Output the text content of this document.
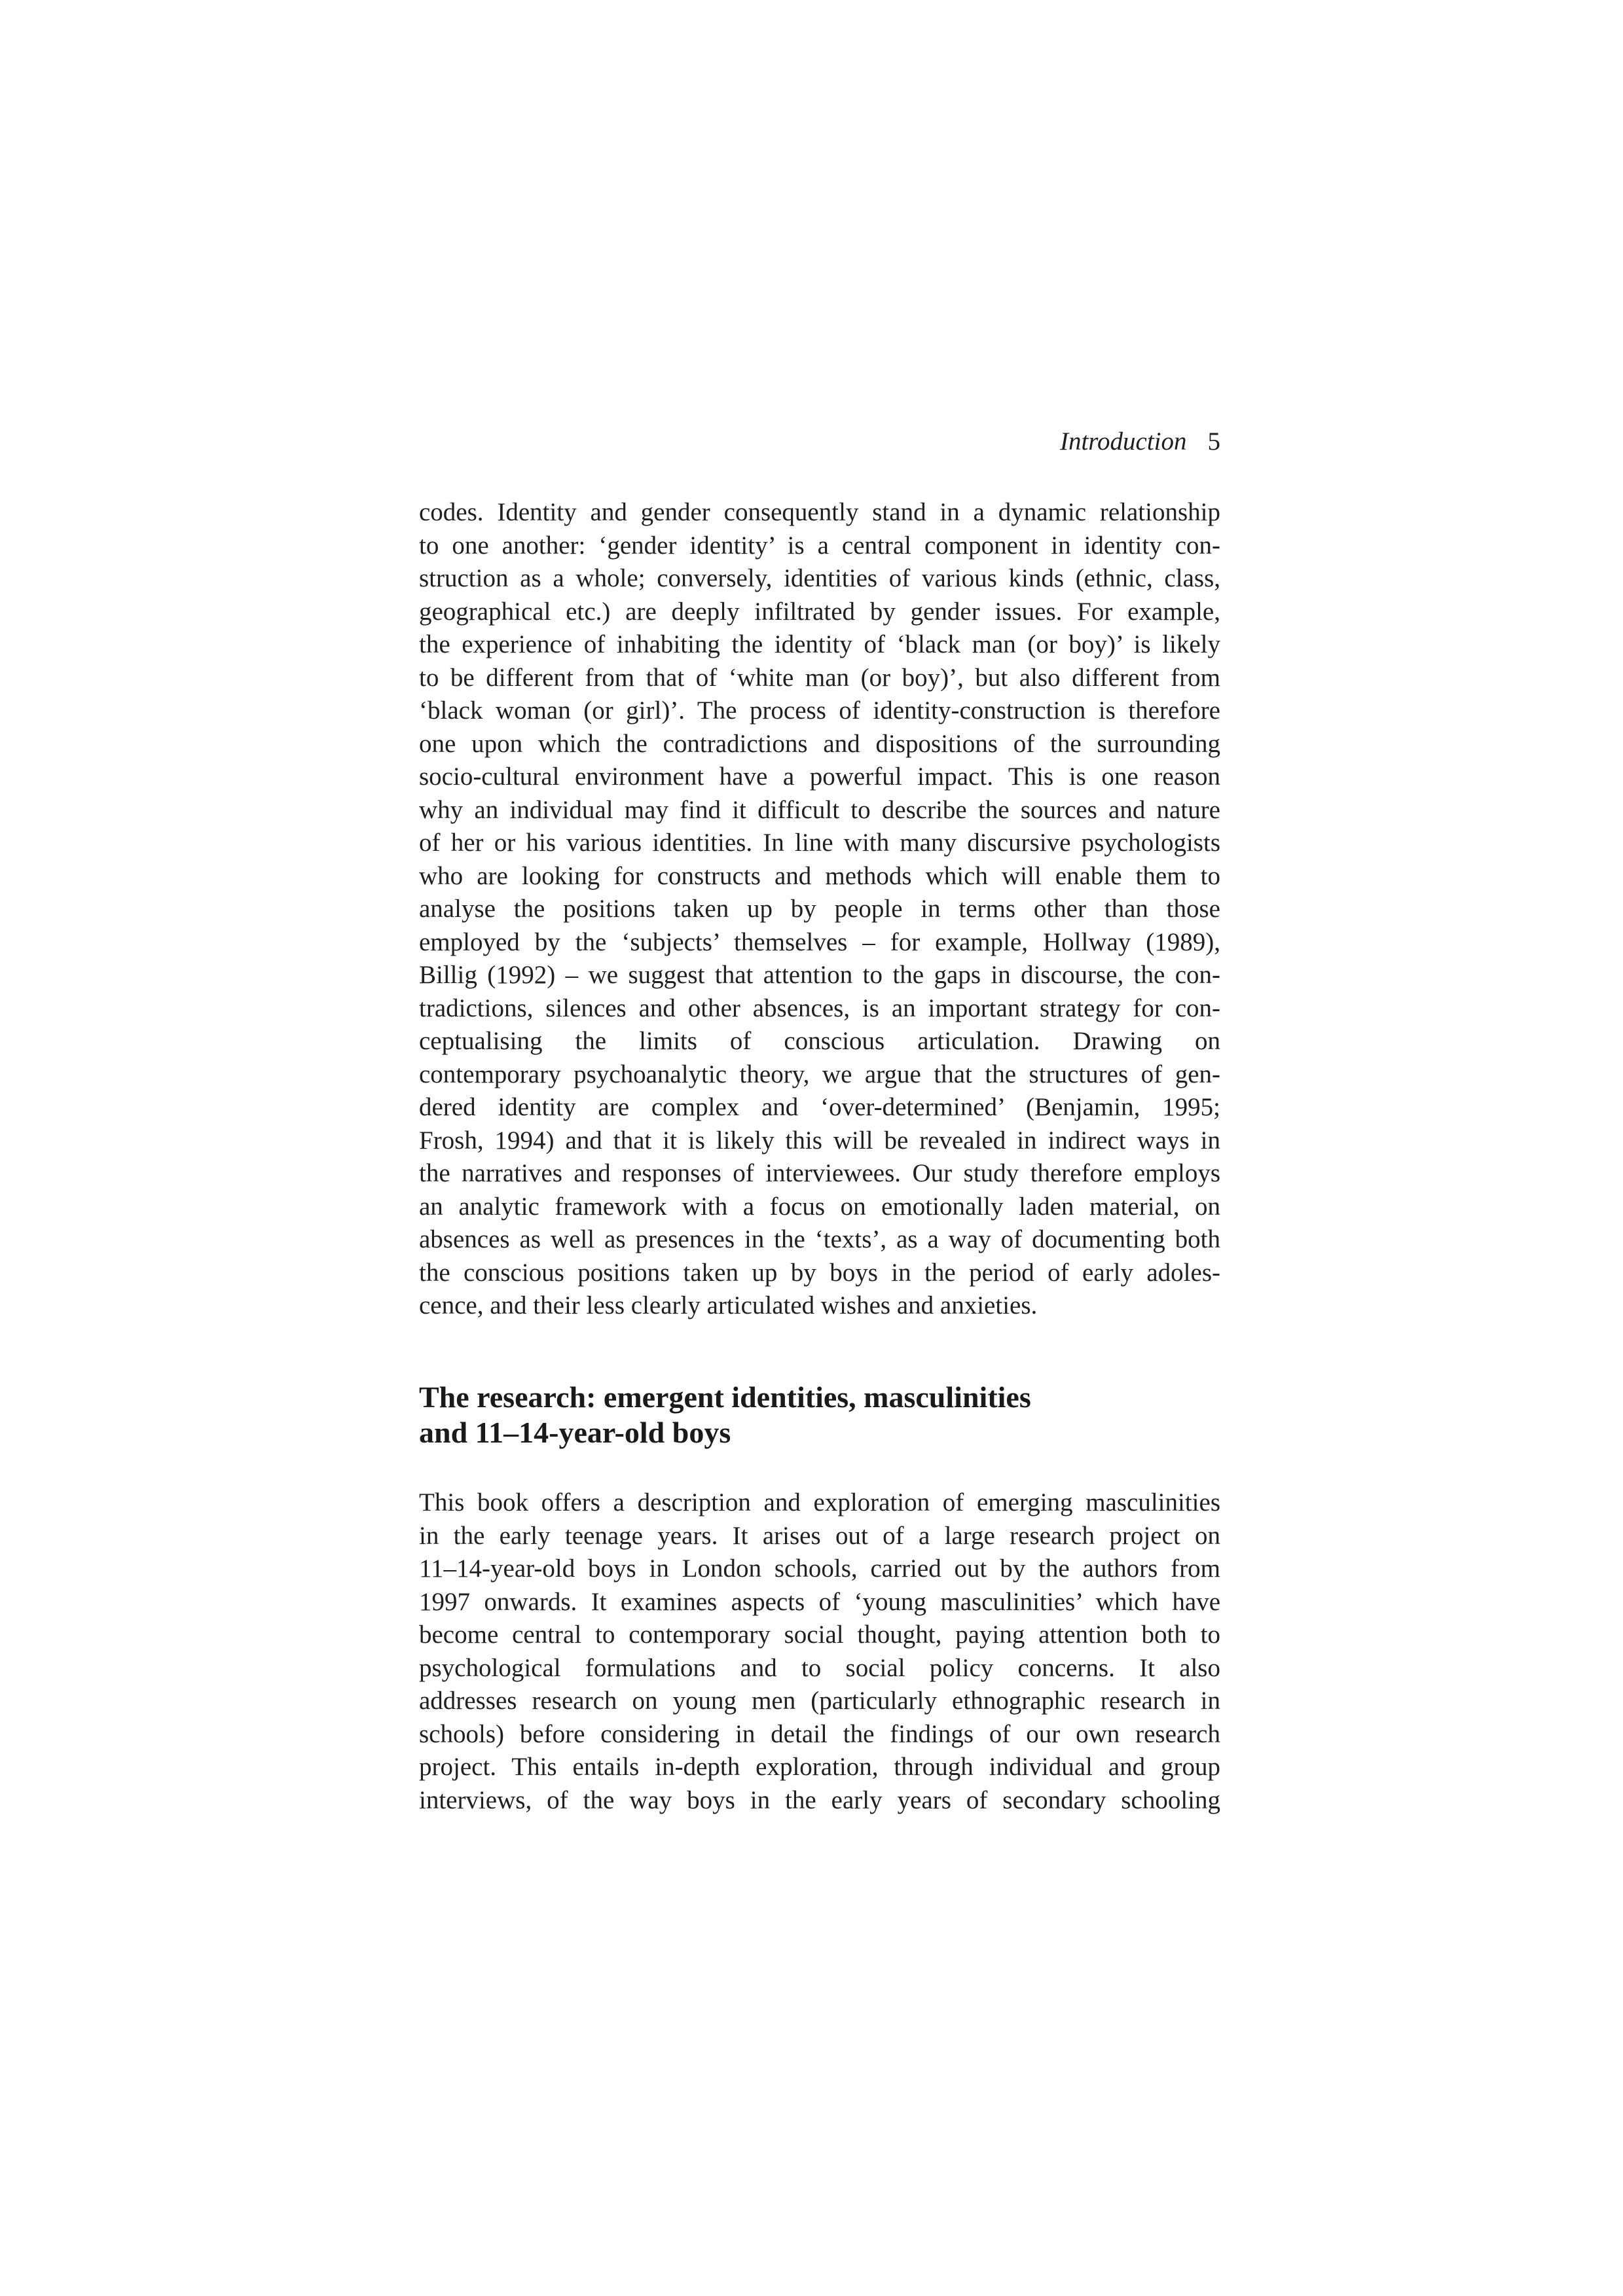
Introduction 5
codes. Identity and gender consequently stand in a dynamic relationship
to one another: ‘gender identity’ is a central component in identity con-
struction as a whole; conversely, identities of various kinds (ethnic, class,
geographical etc.) are deeply infiltrated by gender issues. For example,
the experience of inhabiting the identity of ‘black man (or boy)’ is likely
to be different from that of ‘white man (or boy)’, but also different from
‘black woman (or girl)’. The process of identity-construction is therefore
one upon which the contradictions and dispositions of the surrounding
socio-cultural environment have a powerful impact. This is one reason
why an individual may find it difficult to describe the sources and nature
of her or his various identities. In line with many discursive psychologists
who are looking for constructs and methods which will enable them to
analyse the positions taken up by people in terms other than those
employed by the ‘subjects’ themselves – for example, Hollway (1989),
Billig (1992) – we suggest that attention to the gaps in discourse, the con-
tradictions, silences and other absences, is an important strategy for con-
ceptualising the limits of conscious articulation. Drawing on
contemporary psychoanalytic theory, we argue that the structures of gen-
dered identity are complex and ‘over-determined’ (Benjamin, 1995;
Frosh, 1994) and that it is likely this will be revealed in indirect ways in
the narratives and responses of interviewees. Our study therefore employs
an analytic framework with a focus on emotionally laden material, on
absences as well as presences in the ‘texts’, as a way of documenting both
the conscious positions taken up by boys in the period of early adoles-
cence, and their less clearly articulated wishes and anxieties.
The research: emergent identities, masculinities
and 11–14-year-old boys
This book offers a description and exploration of emerging masculinities
in the early teenage years. It arises out of a large research project on
11–14-year-old boys in London schools, carried out by the authors from
1997 onwards. It examines aspects of ‘young masculinities’ which have
become central to contemporary social thought, paying attention both to
psychological formulations and to social policy concerns. It also
addresses research on young men (particularly ethnographic research in
schools) before considering in detail the findings of our own research
project. This entails in-depth exploration, through individual and group
interviews, of the way boys in the early years of secondary schooling
